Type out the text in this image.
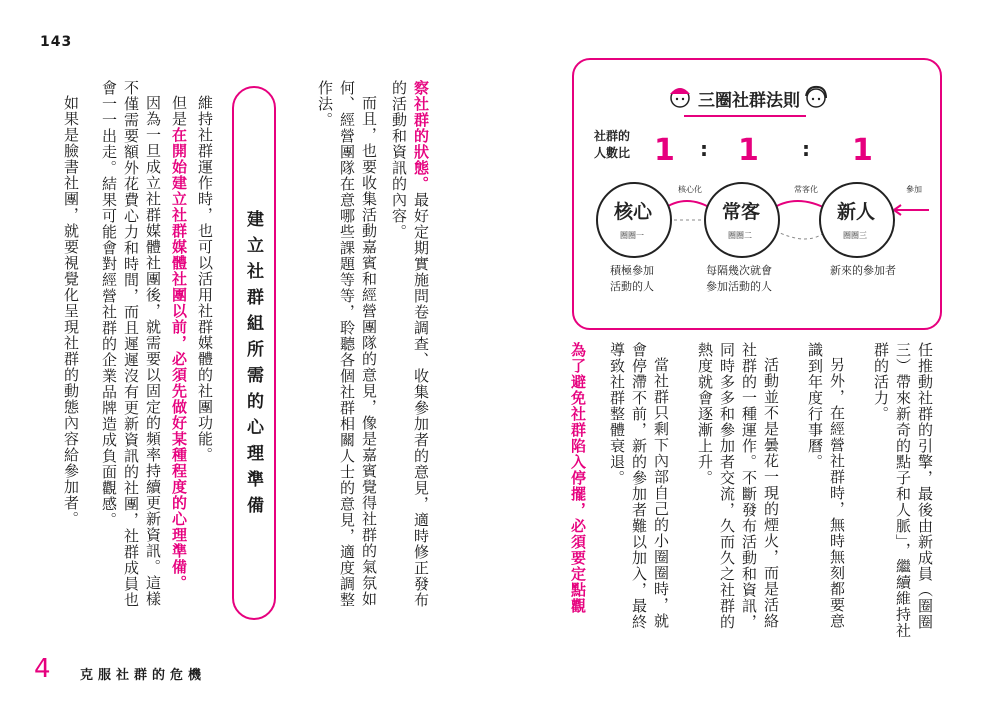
143
三圈社群法則
社群的
人數比 1 : 1 : 1
核心化	常客化	參加
核心
圈圈一
常客
圈圈二
新人
圈圈三
積極參加
活動的人
每隔幾次就會
參加活動的人
新來的參加者
任推動社群的引擎，最後由新成員（圈圈三）帶來新奇的點子和人脈」，繼續維持社群的活力。
另外，在經營社群時，無時無刻都要意識到年度行事曆。
活動並不是曇花一現的煙火，而是活絡社群的一種運作。不斷發布活動和資訊，同時多多和參加者交流，久而久之社群的熱度就會逐漸上升。
當社群只剩下內部自己的小圈圈時，就會停滯不前，新的參加者難以加入，最終導致社群整體衰退。
為了避免社群陷入停擺，必須要定點觀
察社群的狀態。最好定期實施問卷調查、收集參加者的意見，適時修正發布的活動和資訊的內容。
而且，也要收集活動嘉賓和經營團隊的意見，像是嘉賓覺得社群的氣氛如何、經營團隊在意哪些課題等等，聆聽各個社群相關人士的意見，適度調整作法。
建立社群組所需的心理準備
維持社群運作時，也可以活用社群媒體的社團功能。
但是在開始建立社群媒體社團以前，必須先做好某種程度的心理準備。
因為一旦成立社群媒體社團後，就需要以固定的頻率持續更新資訊。這樣不僅需要額外花費心力和時間，而且遲遲沒有更新資訊的社團，社群成員也會一一出走。結果可能會對經營社群的企業品牌造成負面觀感。
如果是臉書社團，就要視覺化呈現社群的動態內容給參加者。
4 克服社群的危機
